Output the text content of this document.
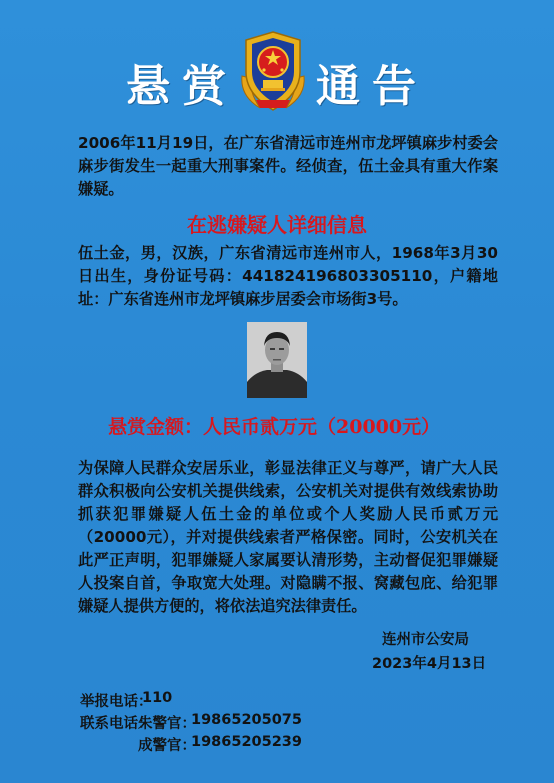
悬赏 通告
2006年11月19日，在广东省清远市连州市龙坪镇麻步村委会麻步街发生一起重大刑事案件。经侦查，伍土金具有重大作案嫌疑。
在逃嫌疑人详细信息
伍土金，男，汉族，广东省清远市连州市人，1968年3月30日出生，身份证号码：441824196803305110，户籍地址：广东省连州市龙坪镇麻步居委会市场街3号。
悬赏金额：人民币贰万元（20000元）
为保障人民群众安居乐业，彰显法律正义与尊严，请广大人民群众积极向公安机关提供线索，公安机关对提供有效线索协助抓获犯罪嫌疑人伍土金的单位或个人奖励人民币贰万元（20000元），并对提供线索者严格保密。同时，公安机关在此严正声明，犯罪嫌疑人家属要认清形势，主动督促犯罪嫌疑人投案自首，争取宽大处理。对隐瞒不报、窝藏包庇、给犯罪嫌疑人提供方便的，将依法追究法律责任。
连州市公安局
2023年4月13日
举报电话：
110
联系电话：
朱警官：
19865205075
成警官：
19865205239
